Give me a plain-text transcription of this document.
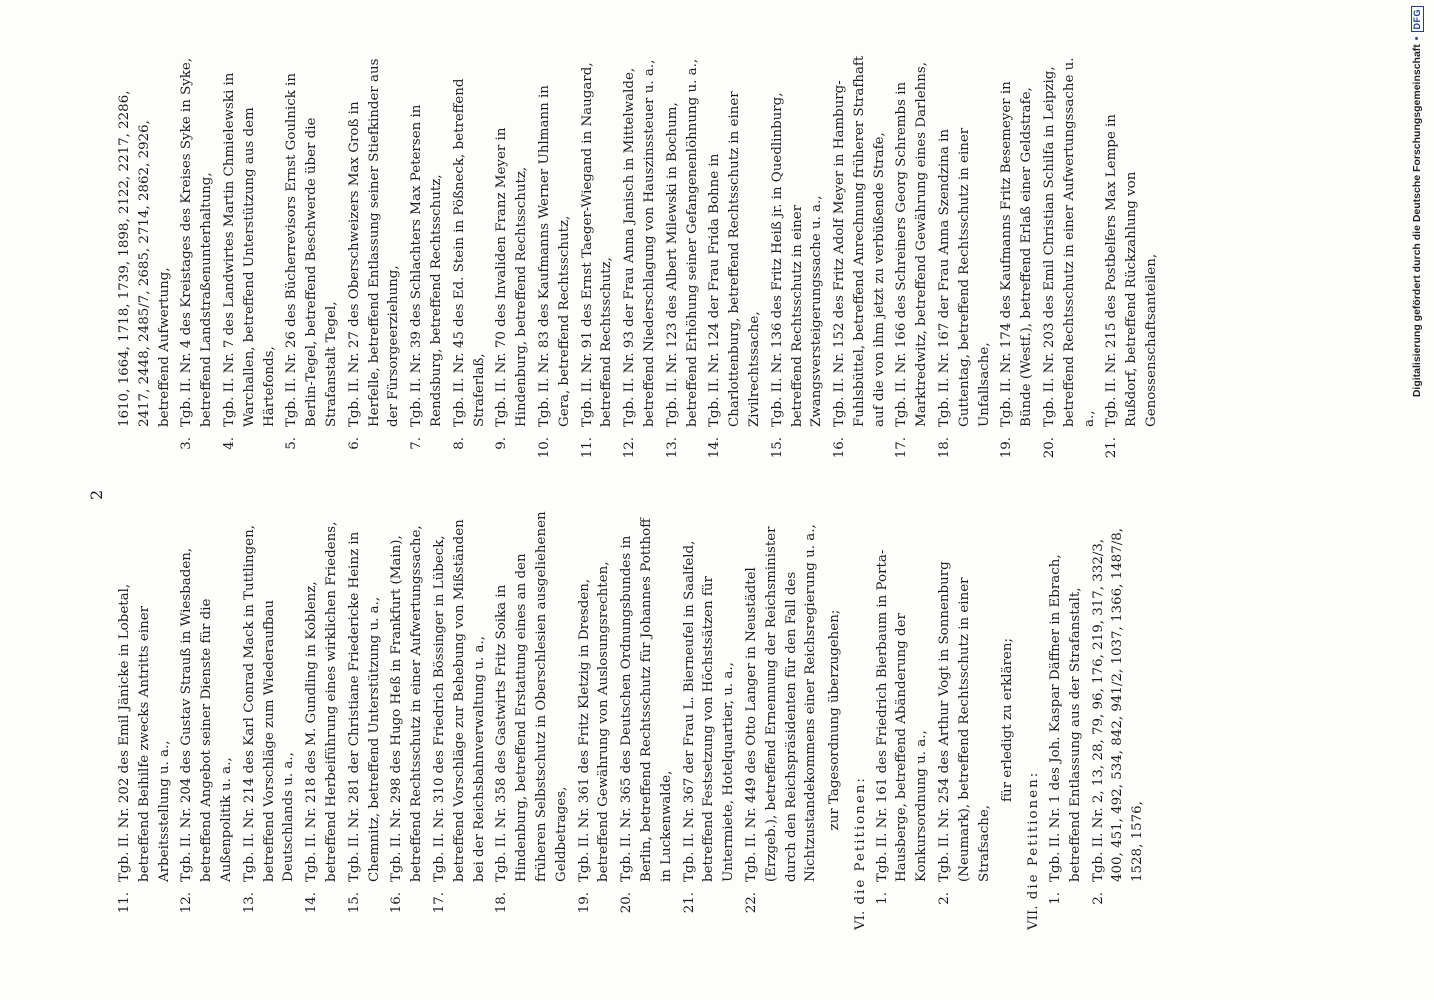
2
11.
Tgb. II. Nr. 202 des Emil Jänicke in Lobetal, betreffend Beihilfe zwecks Antritts einer Arbeitsstellung u. a.,
12.
Tgb. II. Nr. 204 des Gustav Strauß in Wiesbaden, betreffend Angebot seiner Dienste für die Außenpolitik u. a.,
13.
Tgb. II. Nr. 214 des Karl Conrad Mack in Tuttlingen, betreffend Vorschläge zum Wiederaufbau Deutschlands u. a.,
14.
Tgb. II. Nr. 218 des M. Gundling in Koblenz, betreffend Herbeiführung eines wirklichen Friedens,
15.
Tgb. II. Nr. 281 der Christiane Friedericke Heinz in Chemnitz, betreffend Unterstützung u. a.,
16.
Tgb. II. Nr. 298 des Hugo Heß in Frankfurt (Main), betreffend Rechtsschutz in einer Aufwertungssache,
17.
Tgb. II. Nr. 310 des Friedrich Bössinger in Lübeck, betreffend Vorschläge zur Behebung von Mißständen bei der Reichsbahnverwaltung u. a.,
18.
Tgb. II. Nr. 358 des Gastwirts Fritz Soika in Hindenburg, betreffend Erstattung eines an den früheren Selbstschutz in Oberschlesien ausgeliehenen Geldbetrages,
19.
Tgb. II. Nr. 361 des Fritz Kletzig in Dresden, betreffend Gewährung von Auslosungsrechten,
20.
Tgb. II. Nr. 365 des Deutschen Ordnungsbundes in Berlin, betreffend Rechtsschutz für Johannes Potthoff in Luckenwalde,
21.
Tgb. II. Nr. 367 der Frau L. Bierneufel in Saalfeld, betreffend Festsetzung von Höchstsätzen für Untermiete, Hotelquartier, u. a.,
22.
Tgb. II. Nr. 449 des Otto Langer in Neustädtel (Erzgeb.), betreffend Ernennung der Reichsminister durch den Reichspräsidenten für den Fall des Nichtzustandekommens einer Reichsregierung u. a., zur Tagesordnung überzugehen;
VI. die Petitionen: 1.
Tgb. II. Nr. 161 des Friedrich Bierbaum in Porta-Hausberge, betreffend Abänderung der Konkursordnung u. a.,
2.
Tgb. II. Nr. 254 des Arthur Vogt in Sonnenburg (Neumark), betreffend Rechtsschutz in einer Strafsache,
für erledigt zu erklären;
VII. die Petitionen: 1.
Tgb. II. Nr. 1 des Joh. Kaspar Däffner in Ebrach, betreffend Entlassung aus der Strafanstalt,
2.
Tgb. II. Nr. 2, 13, 28, 79, 96, 176, 219, 317, 332/3, 400, 451, 492, 534, 842, 941/2, 1037, 1366, 1487/8, 1528, 1576,
1610, 1664, 1718, 1739, 1898, 2122, 2217, 2286, 2417, 2448, 2485/7, 2685, 2714, 2862, 2926, betreffend Aufwertung,
3.
Tgb. II. Nr. 4 des Kreistages des Kreises Syke in Syke, betreffend Landstraßenunterhaltung,
4.
Tgb. II. Nr. 7 des Landwirtes Martin Chmielewski in Warchallen, betreffend Unterstützung aus dem Härtefonds,
5.
Tgb. II. Nr. 26 des Bücherrevisors Ernst Goulnick in Berlin-Tegel, betreffend Beschwerde über die Strafanstalt Tegel,
6.
Tgb. II. Nr. 27 des Oberschweizers Max Groß in Herfelle, betreffend Entlassung seiner Stiefkinder aus der Fürsorgeerziehung,
7.
Tgb. II. Nr. 39 des Schlachters Max Petersen in Rendsburg, betreffend Rechtsschutz,
8.
Tgb. II. Nr. 45 des Ed. Stein in Pößneck, betreffend Straferlaß,
9.
Tgb. II. Nr. 70 des Invaliden Franz Meyer in Hindenburg, betreffend Rechtsschutz,
10.
Tgb. II. Nr. 83 des Kaufmanns Werner Uhlmann in Gera, betreffend Rechtsschutz,
11.
Tgb. II. Nr. 91 des Ernst Taeger-Wiegand in Naugard, betreffend Rechtsschutz,
12.
Tgb. II. Nr. 93 der Frau Anna Janisch in Mittelwalde, betreffend Niederschlagung von Hauszinssteuer u. a.,
13.
Tgb. II. Nr. 123 des Albert Milewski in Bochum, betreffend Erhöhung seiner Gefangenenlöhnung u. a.,
14.
Tgb. II. Nr. 124 der Frau Frida Bohne in Charlottenburg, betreffend Rechtsschutz in einer Zivilrechtssache,
15.
Tgb. II. Nr. 136 des Fritz Heiß jr. in Quedlinburg, betreffend Rechtsschutz in einer Zwangsversteigerungssache u. a.,
16.
Tgb. II. Nr. 152 des Fritz Adolf Meyer in Hamburg-Fuhlsbüttel, betreffend Anrechnung früherer Strafhaft auf die von ihm jetzt zu verbüßende Strafe,
17.
Tgb. II. Nr. 166 des Schreiners Georg Schrembs in Marktredwitz, betreffend Gewährung eines Darlehns,
18.
Tgb. II. Nr. 167 der Frau Anna Szendzina in Guttentag, betreffend Rechtsschutz in einer Unfallsache,
19.
Tgb. II. Nr. 174 des Kaufmanns Fritz Besemeyer in Bünde (Westf.), betreffend Erlaß einer Geldstrafe,
20.
Tgb. II. Nr. 203 des Emil Christian Schilfa in Leipzig, betreffend Rechtsschutz in einer Aufwertungssache u. a.,
21.
Tgb. II. Nr. 215 des Postbelfers Max Lempe in Rußdorf, betreffend Rückzahlung von Genossenschaftsanteilen,	Digitalisierung gefördert durch die Deutsche Forschungsgemeinschaft
•
DFG
